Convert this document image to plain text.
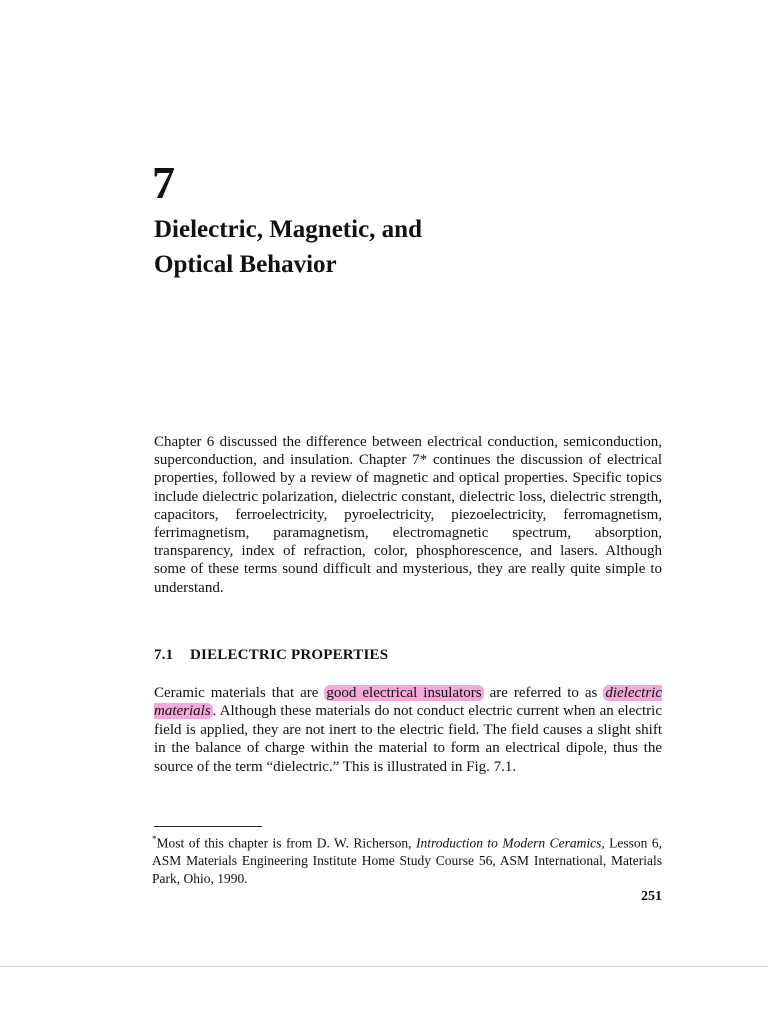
7
Dielectric, Magnetic, and
Optical Behavior

Chapter 6 discussed the difference between electrical conduction, semiconduction, superconduction, and insulation. Chapter 7* continues the discussion of electrical properties, followed by a review of magnetic and optical properties. Specific topics include dielectric polarization, dielectric constant, dielectric loss, dielectric strength, capacitors, ferroelectricity, pyroelectricity, piezoelectricity, ferromagnetism, ferrimagnetism, paramagnetism, electromagnetic spectrum, absorption, transparency, index of refraction, color, phosphorescence, and lasers. Although some of these terms sound difficult and mysterious, they are really quite simple to understand.

7.1 DIELECTRIC PROPERTIES

Ceramic materials that are good electrical insulators are referred to as dielectric materials . Although these materials do not conduct electric current when an electric field is applied, they are not inert to the electric field. The field causes a slight shift in the balance of charge within the material to form an electrical dipole, thus the source of the term “dielectric.” This is illustrated in Fig. 7.1.

*Most of this chapter is from D. W. Richerson, Introduction to Modern Ceramics, Lesson 6, ASM Materials Engineering Institute Home Study Course 56, ASM International, Materials Park, Ohio, 1990.

251
